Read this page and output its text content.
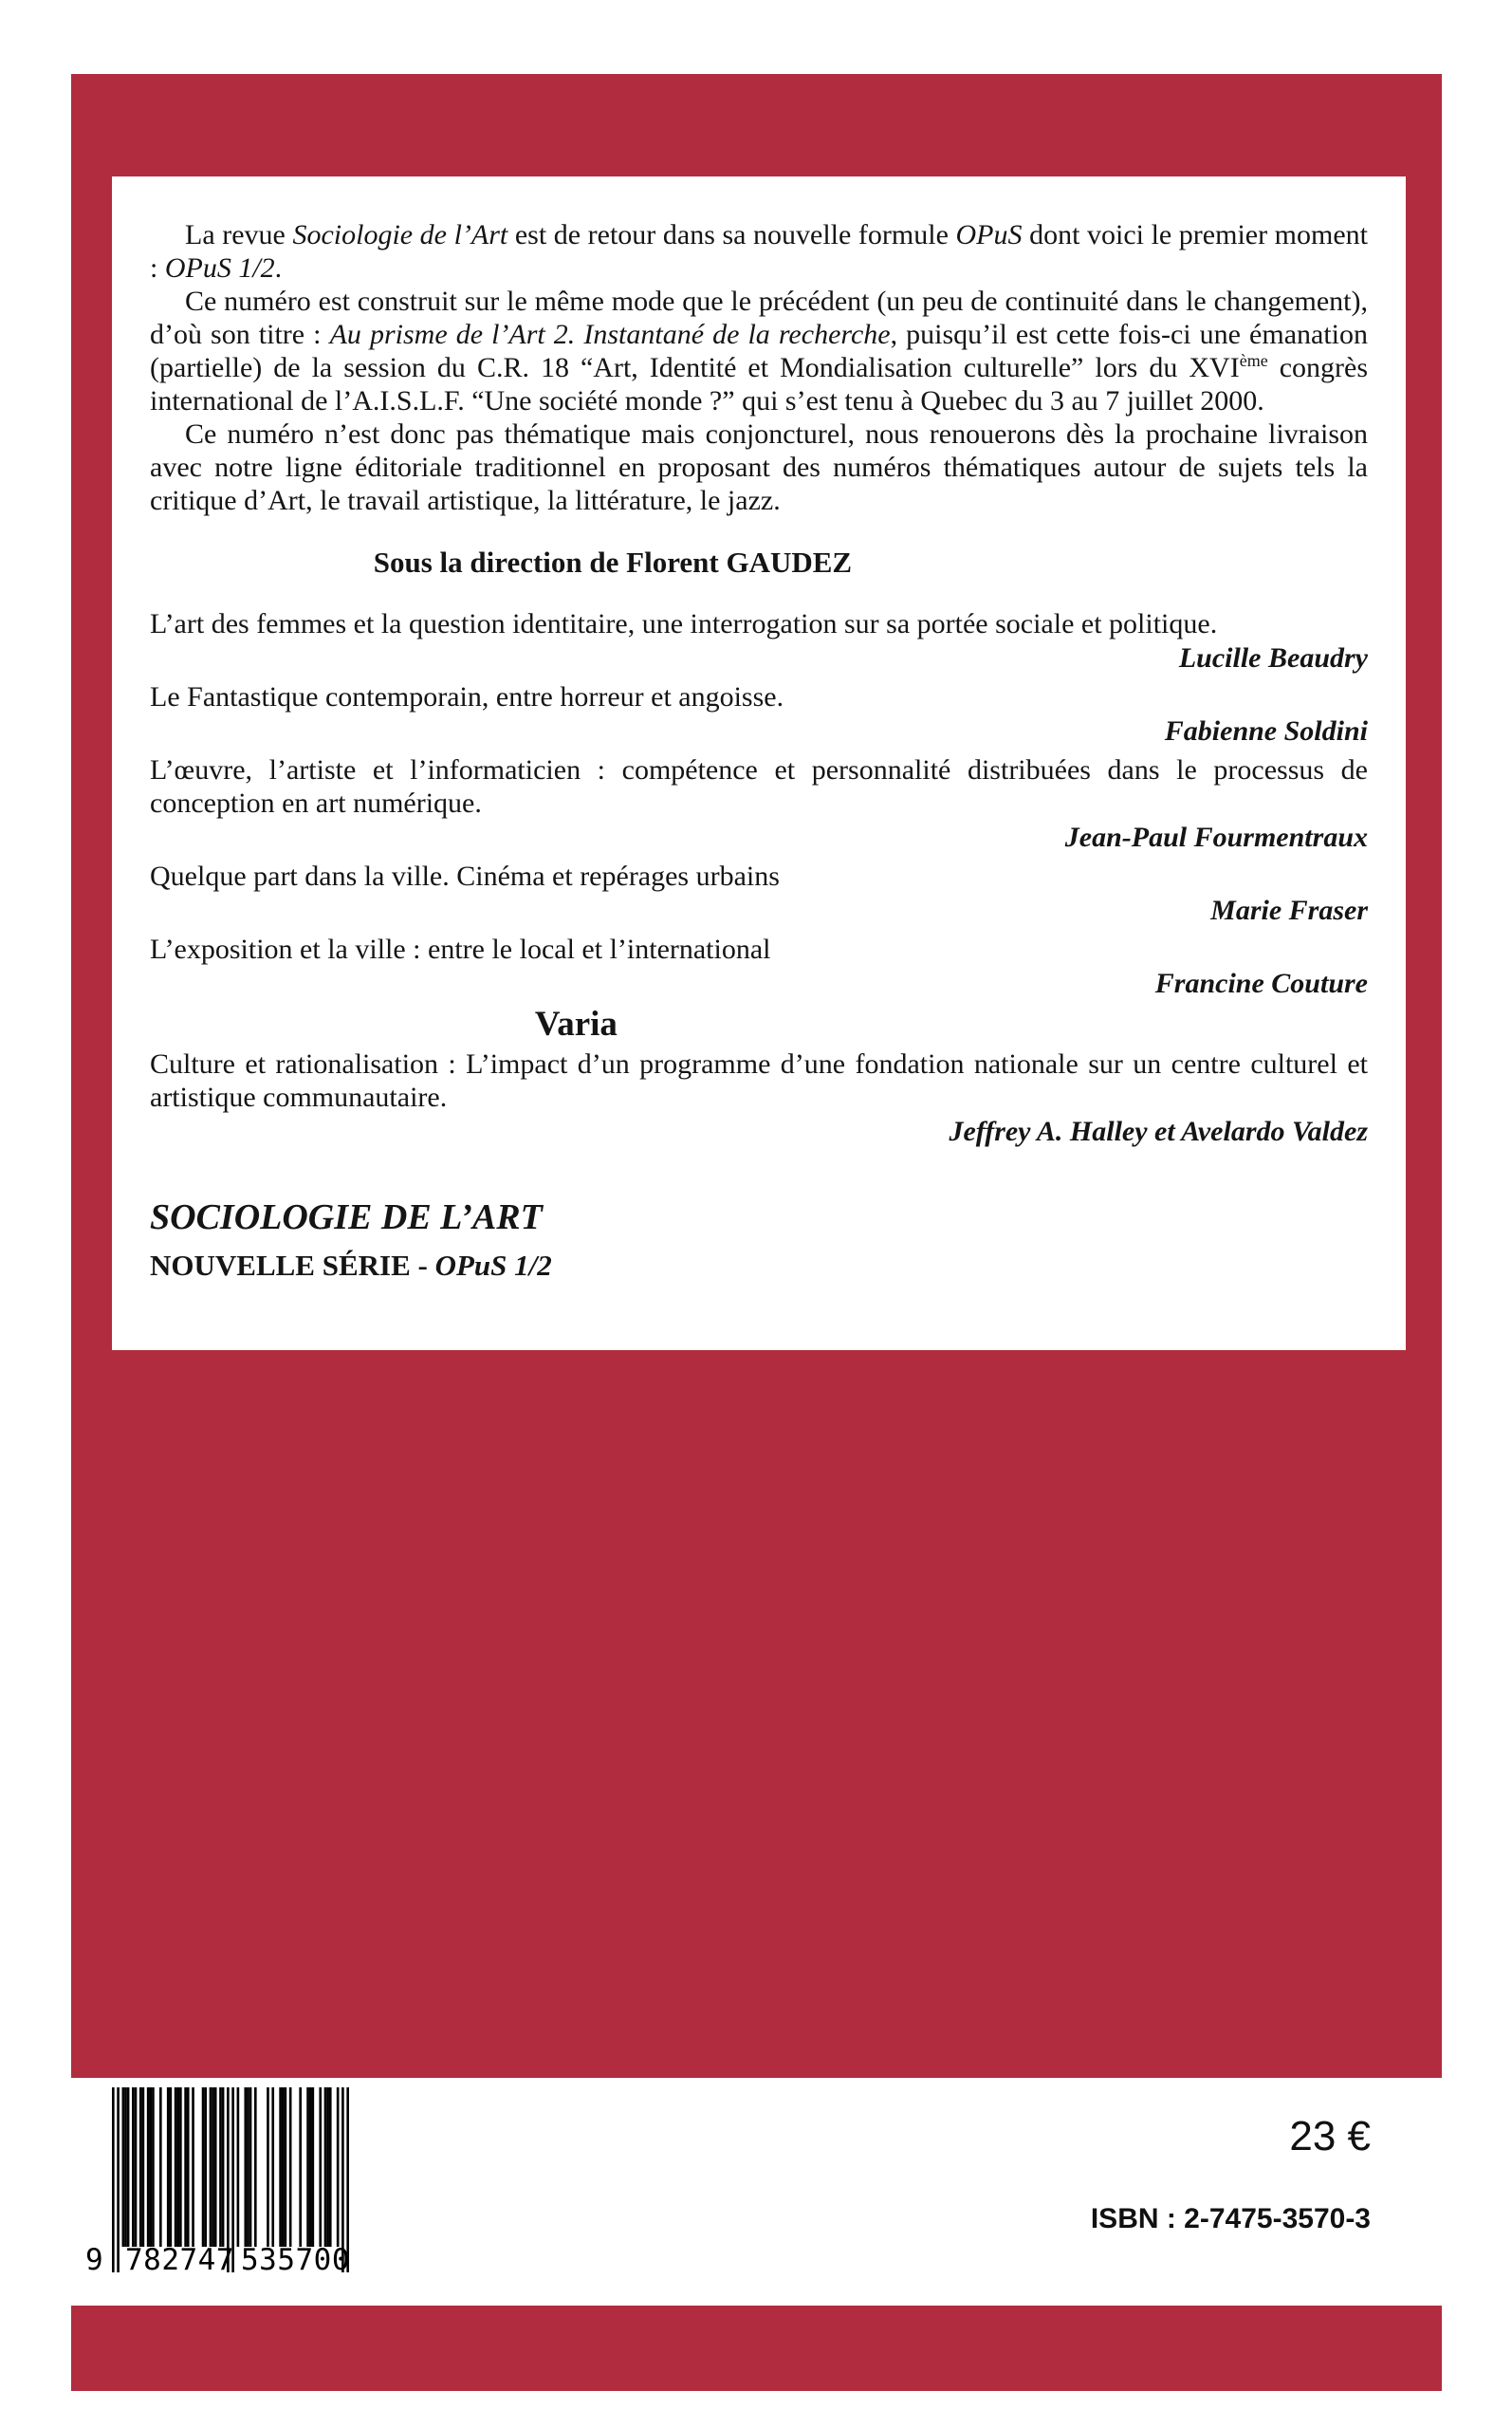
La revue Sociologie de l’Art est de retour dans sa nouvelle formule OPuS dont voici le premier moment : OPuS 1/2.

Ce numéro est construit sur le même mode que le précédent (un peu de continuité dans le changement), d’où son titre : Au prisme de l’Art 2. Instantané de la recherche, puisqu’il est cette fois-ci une émanation (partielle) de la session du C.R. 18 “Art, Identité et Mondialisation culturelle” lors du XVIème congrès international de l’A.I.S.L.F. “Une société monde ?” qui s’est tenu à Quebec du 3 au 7 juillet 2000.

Ce numéro n’est donc pas thématique mais conjoncturel, nous renouerons dès la prochaine livraison avec notre ligne éditoriale traditionnel en proposant des numéros thématiques autour de sujets tels la critique d’Art, le travail artistique, la littérature, le jazz.

Sous la direction de Florent GAUDEZ

L’art des femmes et la question identitaire, une interrogation sur sa portée sociale et politique.

Lucille Beaudry

Le Fantastique contemporain, entre horreur et angoisse.

Fabienne Soldini

L’œuvre, l’artiste et l’informaticien : compétence et personnalité distribuées dans le processus de conception en art numérique.

Jean-Paul Fourmentraux

Quelque part dans la ville. Cinéma et repérages urbains

Marie Fraser

L’exposition et la ville : entre le local et l’international

Francine Couture

Varia

Culture et rationalisation : L’impact d’un programme d’une fondation nationale sur un centre culturel et artistique communautaire.

Jeffrey A. Halley et Avelardo Valdez

SOCIOLOGIE DE L’ART

NOUVELLE SÉRIE - OPuS 1/2

9 782747 535700
23 €
ISBN : 2-7475-3570-3
